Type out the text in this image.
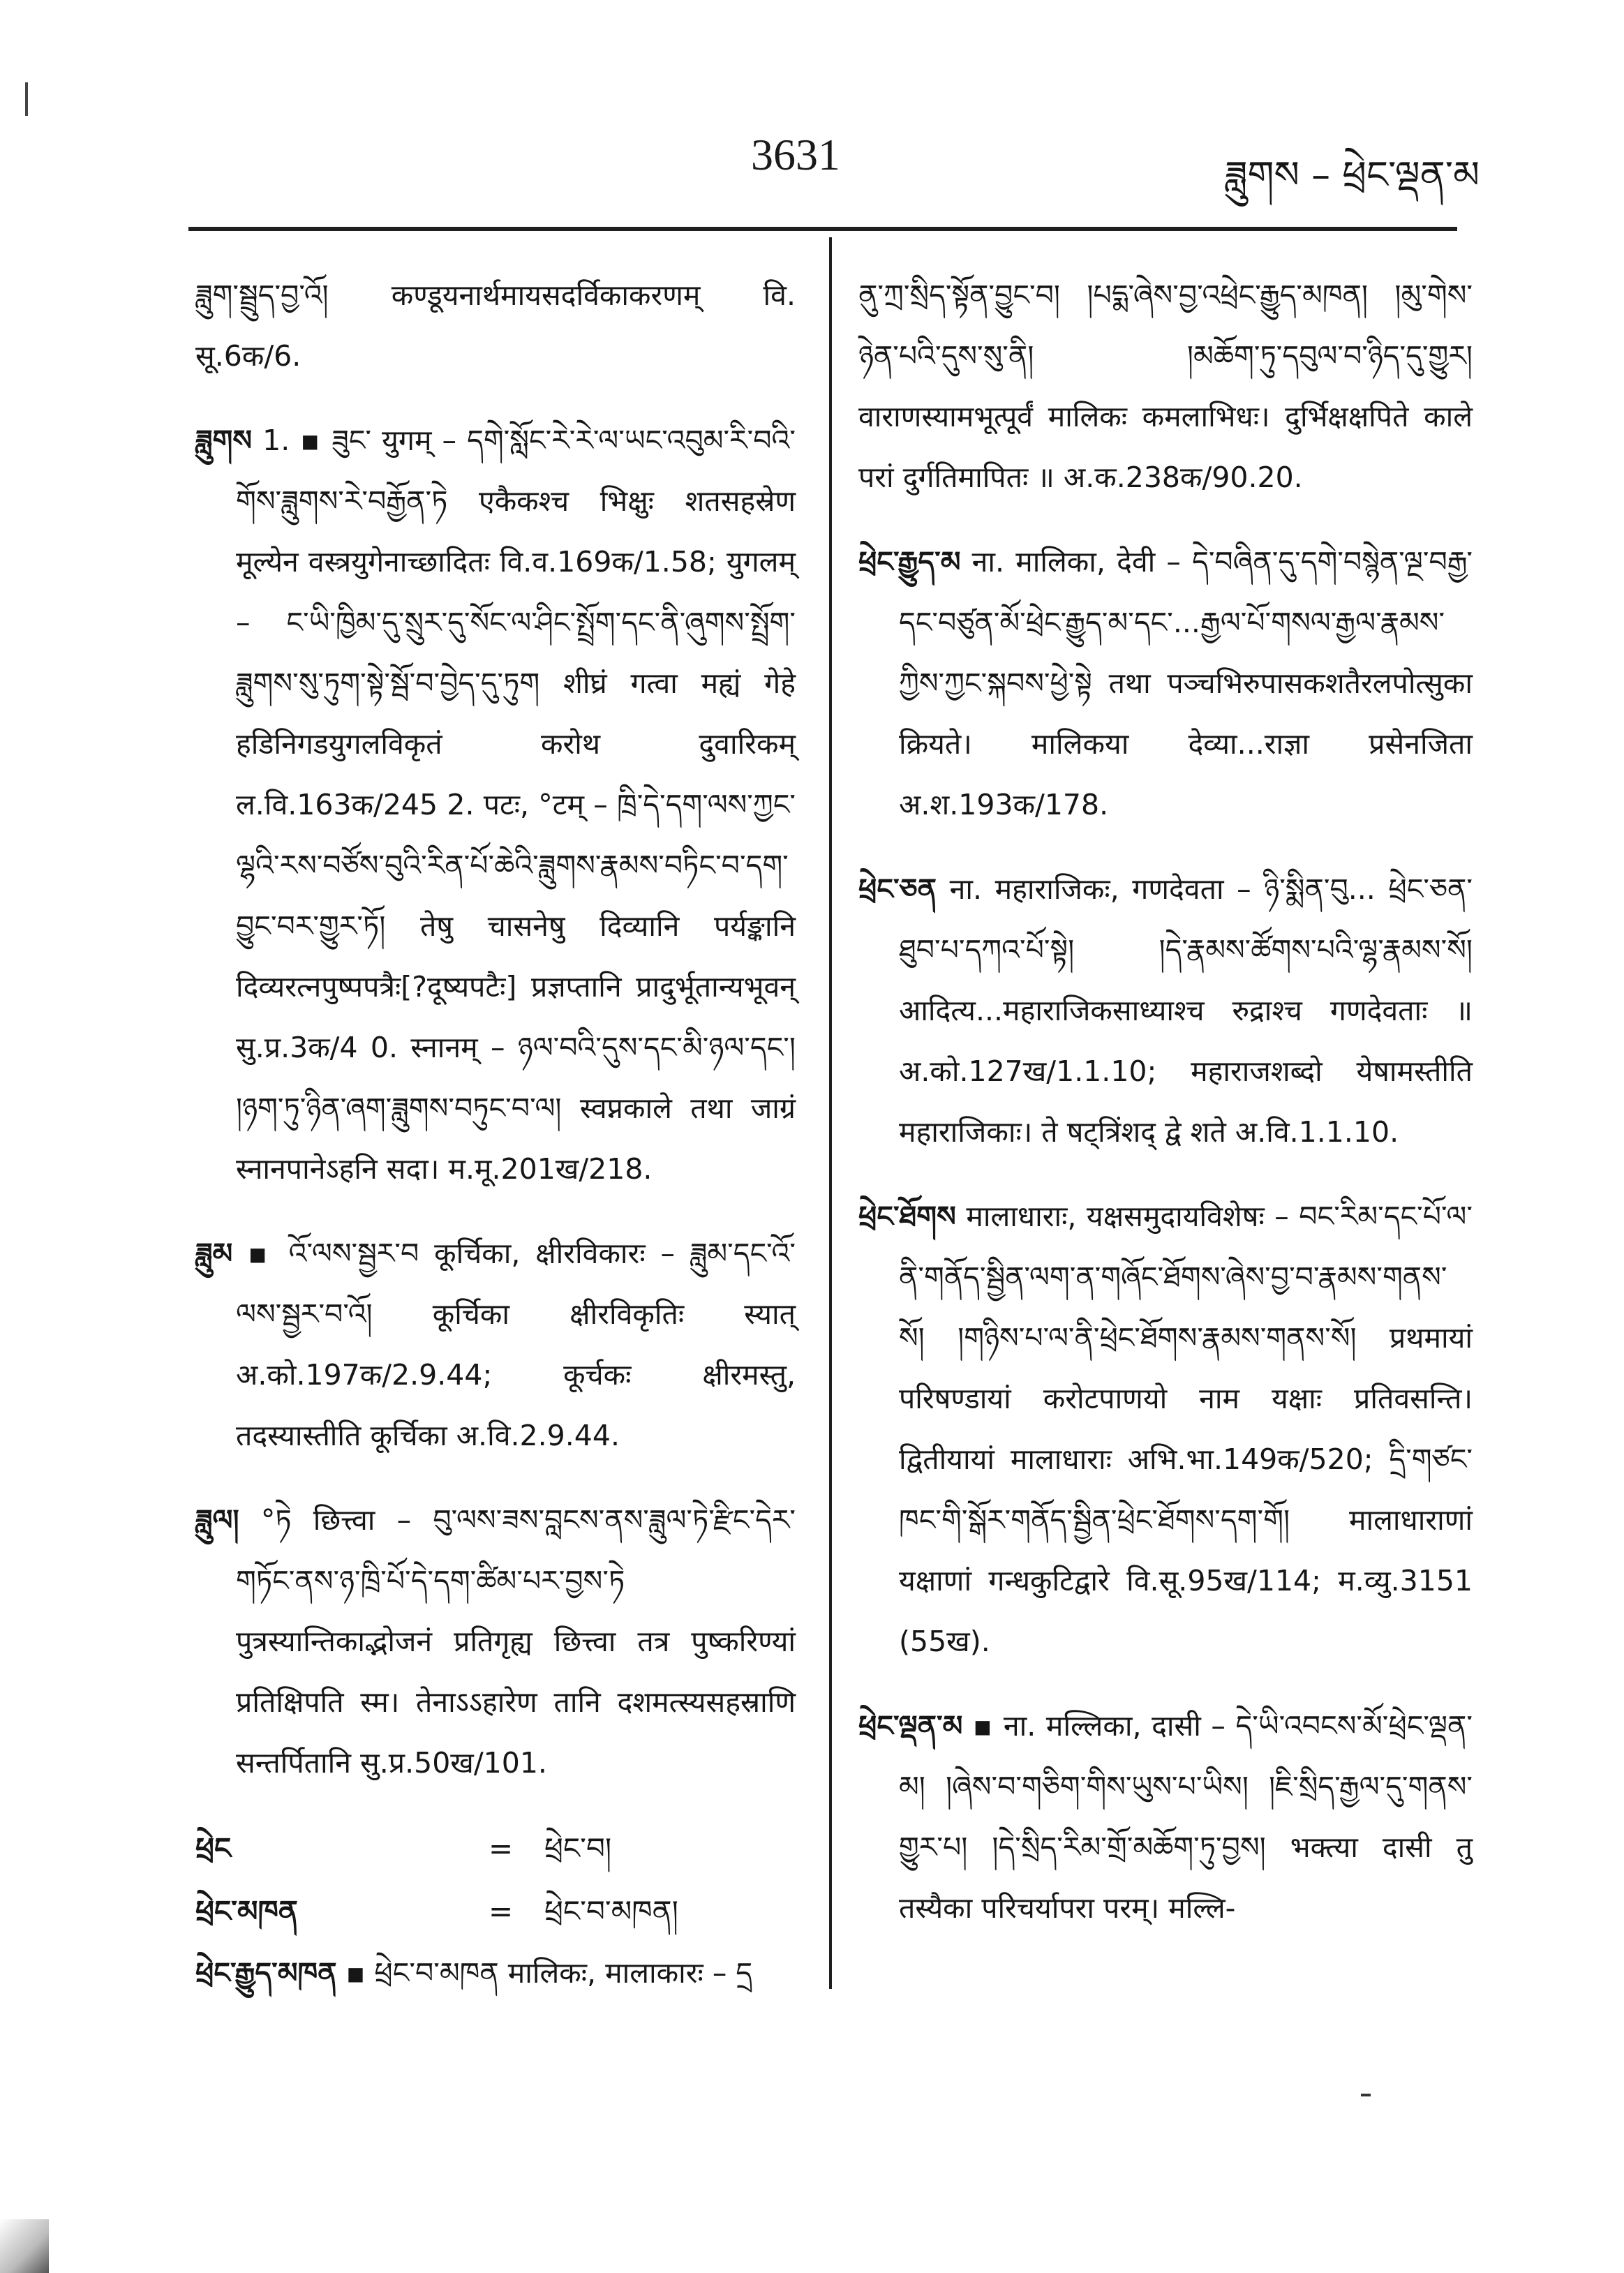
3631	ཟླུགས – ཕྲེང་ལྡན་མ

ཟླུག་སྦྲུད་བྱ་འོ། कण्डूयनार्थमायसदर्विकाकरणम् वि. सू.6क/6.

ཟླུགས 1. ▪ ཟུང་ युगम् – དགེ་སློང་རེ་རེ་ལ་ཡང་འབུམ་རི་བའི་གོས་ཟླུགས་རེ་བརྒྱོན་ཏེ एकैकश्च भिक्षुः शतसहस्रेण मूल्येन वस्त्रयुगेनाच्छादितः वि.व.169क/1.58; युगलम् – ང་ཡི་ཁྱིམ་དུ་སྲུར་དུ་སོང་ལ་ཤིང་སྤྲོག་དང་ནི་ཞུགས་སྤྲོག་ཟླུགས་སུ་ཏུག་སྟེ་སྦོ་བ་བྱེད་དུ་ཏུག शीघ्रं गत्वा मह्यं गेहे हडिनिगडयुगलविकृतं करोथ दुवारिकम् ल.वि.163क/245 2. पटः, °टम् – ཁྲི་དེ་དག་ལས་ཀྱང་ལྷའི་རས་བཙོས་བུའི་རིན་པོ་ཆེའི་ཟླུགས་རྣམས་བཏིང་བ་དག་བྱུང་བར་གྱུར་ཏོ། तेषु चासनेषु दिव्यानि पर्यङ्कानि दिव्यरत्नपुष्पपत्रैः[?दूष्यपटैः] प्रज्ञप्तानि प्रादुर्भूतान्यभूवन् सु.प्र.3क/4 0. स्नानम् – ཉལ་བའི་དུས་དང་མི་ཉལ་དང་། །ཉག་ཏུ་ཉིན་ཞག་ཟླུགས་བཏུང་བ་ལ། स्वप्नकाले तथा जाग्रं स्नानपानेऽहनि सदा। म.मू.201ख/218.

ཟླུམ ▪ འོ་ལས་སྦྱར་བ कूर्चिका, क्षीरविकारः – ཟླུམ་དང་འོ་ལས་སྦྱར་བ་འོ། कूर्चिका क्षीरविकृतिः स्यात् अ.को.197क/2.9.44; कूर्चकः क्षीरमस्तु, तदस्यास्तीति कूर्चिका अ.वि.2.9.44.

ཟླུལ། °ཏེ छित्त्वा – བུ་ལས་ཟས་བླངས་ནས་ཟླུལ་ཏེ་རྫིང་དེར་གཏོང་ནས་ཉ་ཁྲི་པོ་དེ་དག་ཚིམ་པར་བྱས་ཏེ पुत्रस्यान्तिकाद्भोजनं प्रतिगृह्य छित्त्वा तत्र पुष्करिण्यां प्रतिक्षिपति स्म। तेनाऽऽहारेण तानि दशमत्स्यसहस्राणि सन्तर्पितानि सु.प्र.50ख/101.

ཕྲེང	=	ཕྲེང་བ།
ཕྲེང་མཁན	=	ཕྲེང་བ་མཁན།

ཕྲེང་རྒྱུད་མཁན ▪ ཕྲེང་བ་མཁན मालिकः, मालाकारः – དྲ

ནུ་ཀྲ་སྲིད་སྟོན་བྱུང་བ། །པདྨ་ཞེས་བྱ་འཕྲེང་རྒྱུད་མཁན། །མུ་གེས་ཉེན་པའི་དུས་སུ་ནི། །མཆོག་ཏུ་དབུལ་བ་ཉིད་དུ་གྱུར། वाराणस्यामभूत्पूर्वं मालिकः कमलाभिधः। दुर्भिक्षक्षपिते काले परां दुर्गतिमापितः ॥ अ.क.238क/90.20.

ཕྲེང་རྒྱུད་མ ना. मालिका, देवी – དེ་བཞིན་དུ་དགེ་བསྙེན་ལྔ་བརྒྱ་དང་བཙུན་མོ་ཕྲེང་རྒྱུད་མ་དང་...རྒྱལ་པོ་གསལ་རྒྱལ་རྣམས་ཀྱིས་ཀྱང་སྐབས་ཕྱེ་སྟེ तथा पञ्चभिरुपासकशतैरलपोत्सुका क्रियते। मालिकया देव्या...राज्ञा प्रसेनजिता अ.श.193क/178.

ཕྲེང་ཅན ना. महाराजिकः, गणदेवता – ཉི་སྨིན་བུ... ཕྲེང་ཅན་ཐུབ་པ་དཀའ་པོ་སྟེ། །དེ་རྣམས་ཚོགས་པའི་ལྷ་རྣམས་སོ། आदित्य...महाराजिकसाध्याश्च रुद्राश्च गणदेवताः ॥ अ.को.127ख/1.1.10; महाराजशब्दो येषामस्तीति महाराजिकाः। ते षट्त्रिंशद् द्वे शते अ.वि.1.1.10.

ཕྲེང་ཐོགས मालाधाराः, यक्षसमुदायविशेषः – བང་རིམ་དང་པོ་ལ་ནི་གནོད་སྦྱིན་ལག་ན་གཞོང་ཐོགས་ཞེས་བྱ་བ་རྣམས་གནས་སོ། །གཉིས་པ་ལ་ནི་ཕྲེང་ཐོགས་རྣམས་གནས་སོ། प्रथमायां परिषण्डायां करोटपाणयो नाम यक्षाः प्रतिवसन्ति। द्वितीयायां मालाधाराः अभि.भा.149क/520; དྲི་གཙང་ཁང་གི་སྒོར་གནོད་སྦྱིན་ཕྲེང་ཐོགས་དག་གོ། मालाधाराणां यक्षाणां गन्धकुटिद्वारे वि.सू.95ख/114; म.व्यु.3151 (55ख).

ཕྲེང་ལྡན་མ ▪ ना. मल्लिका, दासी – དེ་ཡི་འབངས་མོ་ཕྲེང་ལྡན་མ། །ཞེས་བ་གཅིག་གིས་ཡུས་པ་ཡིས། །ཇི་སྲིད་རྒྱལ་དུ་གནས་གྱུར་པ། །དེ་སྲིད་རིམ་གྲོ་མཆོག་ཏུ་བྱས། भक्त्या दासी तु तस्यैका परिचर्यापरा परम्। मल्लि-
